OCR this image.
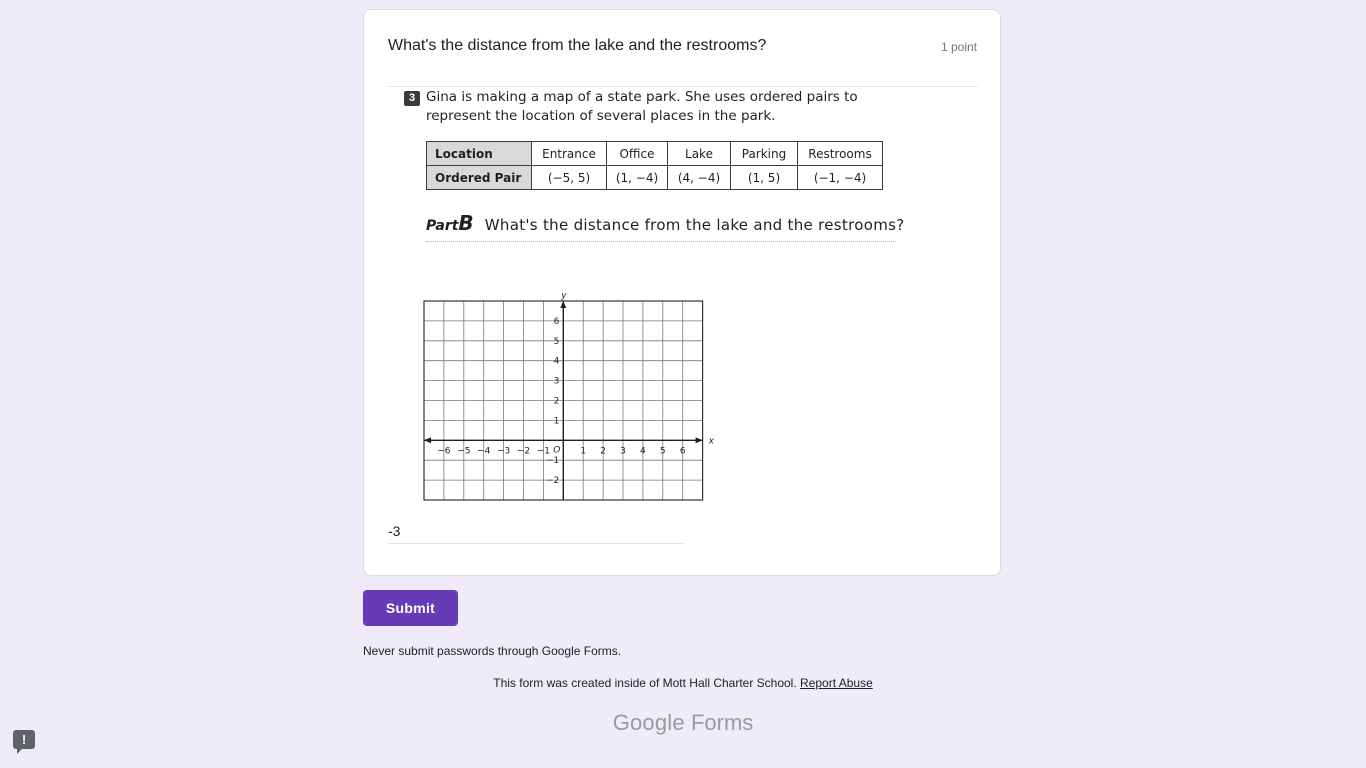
What's the distance from the lake and the restrooms?	1 point
3 Gina is making a map of a state park. She uses ordered pairs to represent the location of several places in the park.
Location	Entrance	Office	Lake	Parking	Restrooms
Ordered Pair	(−5, 5)	(1, −4)	(4, −4)	(1, 5)	(−1, −4)
PartB What's the distance from the lake and the restrooms?
x
y
O
−6 −5 −4 −3 −2 −1	1 2 3 4 5 6
6
5
4
3
2
1
−1
−2
-3
Submit
Never submit passwords through Google Forms.
This form was created inside of Mott Hall Charter School. Report Abuse
Google Forms
!
